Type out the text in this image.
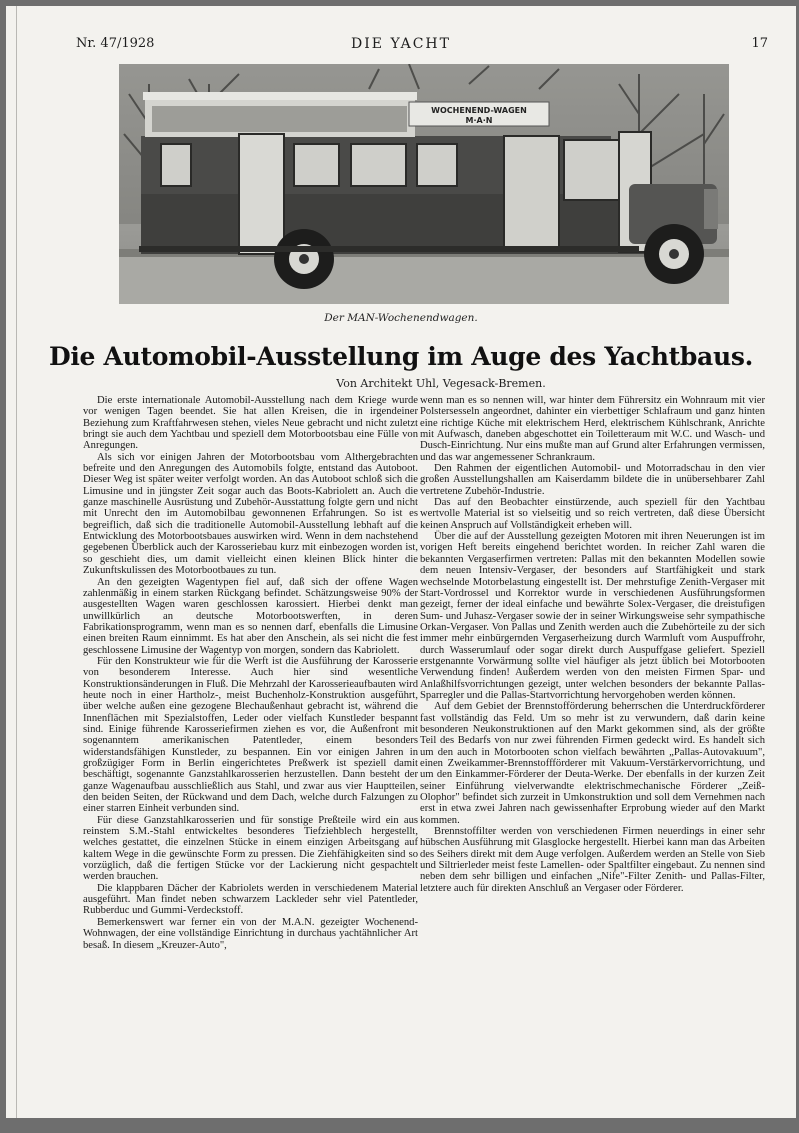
Nr. 47/1928	DIE YACHT	17
WOCHENEND-WAGEN
M·A·N
Der MAN-Wochenendwagen.
Die Automobil-Ausstellung im Auge des Yachtbaus.
Von Architekt Uhl, Vegesack-Bremen.

Die erste internationale Automobil-Ausstellung nach dem Kriege wurde vor wenigen Tagen beendet. Sie hat allen Kreisen, die in irgendeiner Beziehung zum Kraftfahrwesen stehen, vieles Neue gebracht und nicht zuletzt bringt sie auch dem Yachtbau und speziell dem Motorbootsbau eine Fülle von Anregungen.

Als sich vor einigen Jahren der Motorbootsbau vom Althergebrachten befreite und den Anregungen des Automobils folgte, entstand das Autoboot. Dieser Weg ist später weiter verfolgt worden. An das Autoboot schloß sich die Limusine und in jüngster Zeit sogar auch das Boots-Kabriolett an. Auch die ganze maschinelle Ausrüstung und Zubehör-Ausstattung folgte gern und nicht mit Unrecht den im Automobilbau gewonnenen Erfahrungen. So ist es begreiflich, daß sich die traditionelle Automobil-Ausstellung lebhaft auf die Entwicklung des Motorbootsbaues auswirken wird. Wenn in dem nachstehend gegebenen Überblick auch der Karosseriebau kurz mit einbezogen worden ist, so geschieht dies, um damit vielleicht einen kleinen Blick hinter die Zukunftskulissen des Motorbootbaues zu tun.

An den gezeigten Wagentypen fiel auf, daß sich der offene Wagen zahlenmäßig in einem starken Rückgang befindet. Schätzungsweise 90% der ausgestellten Wagen waren geschlossen karossiert. Hierbei denkt man unwillkürlich an deutsche Motorbootswerften, in deren Fabrikationsprogramm, wenn man es so nennen darf, ebenfalls die Limusine einen breiten Raum einnimmt. Es hat aber den Anschein, als sei nicht die fest geschlossene Limusine der Wagentyp von morgen, sondern das Kabriolett.

Für den Konstrukteur wie für die Werft ist die Ausführung der Karosserie von besonderem Interesse. Auch hier sind wesentliche Konstruktionsänderungen in Fluß. Die Mehrzahl der Karosserieaufbauten wird heute noch in einer Hartholz-, meist Buchenholz-Konstruktion ausgeführt, über welche außen eine gezogene Blechaußenhaut gebracht ist, während die Innenflächen mit Spezialstoffen, Leder oder vielfach Kunstleder bespannt sind. Einige führende Karosseriefirmen ziehen es vor, die Außenfront mit sogenanntem amerikanischen Patentleder, einem besonders widerstandsfähigen Kunstleder, zu bespannen. Ein vor einigen Jahren in großzügiger Form in Berlin eingerichtetes Preßwerk ist speziell damit beschäftigt, sogenannte Ganzstahlkarosserien herzustellen. Dann besteht der ganze Wagenaufbau ausschließlich aus Stahl, und zwar aus vier Hauptteilen, den beiden Seiten, der Rückwand und dem Dach, welche durch Falzungen zu einer starren Einheit verbunden sind.

Für diese Ganzstahlkarosserien und für sonstige Preßteile wird ein aus reinstem S.M.-Stahl entwickeltes besonderes Tiefziehblech hergestellt, welches gestattet, die einzelnen Stücke in einem einzigen Arbeitsgang auf kaltem Wege in die gewünschte Form zu pressen. Die Ziehfähigkeiten sind so vorzüglich, daß die fertigen Stücke vor der Lackierung nicht gespachtelt werden brauchen.

Die klappbaren Dächer der Kabriolets werden in verschiedenem Material ausgeführt. Man findet neben schwarzem Lackleder sehr viel Patentleder, Rubberduc und Gummi-Verdeckstoff.

Bemerkenswert war ferner ein von der M.A.N. gezeigter Wochenend-Wohnwagen, der eine vollständige Einrichtung in durchaus yachtähnlicher Art besaß. In diesem „Kreuzer-Auto",

wenn man es so nennen will, war hinter dem Führersitz ein Wohnraum mit vier Polstersesseln angeordnet, dahinter ein vierbettiger Schlafraum und ganz hinten eine richtige Küche mit elektrischem Herd, elektrischem Kühlschrank, Anrichte mit Aufwasch, daneben abgeschottet ein Toiletteraum mit W.C. und Wasch- und Dusch-Einrichtung. Nur eins mußte man auf Grund alter Erfahrungen vermissen, und das war angemessener Schrankraum.

Den Rahmen der eigentlichen Automobil- und Motorradschau in den vier großen Ausstellungshallen am Kaiserdamm bildete die in unübersehbarer Zahl vertretene Zubehör-Industrie.

Das auf den Beobachter einstürzende, auch speziell für den Yachtbau wertvolle Material ist so vielseitig und so reich vertreten, daß diese Übersicht keinen Anspruch auf Vollständigkeit erheben will.

Über die auf der Ausstellung gezeigten Motoren mit ihren Neuerungen ist im vorigen Heft bereits eingehend berichtet worden. In reicher Zahl waren die bekannten Vergaserfirmen vertreten: Pallas mit den bekannten Modellen sowie dem neuen Intensiv-Vergaser, der besonders auf Startfähigkeit und stark wechselnde Motorbelastung eingestellt ist. Der mehrstufige Zenith-Vergaser mit Start-Vordrossel und Korrektor wurde in verschiedenen Ausführungsformen gezeigt, ferner der ideal einfache und bewährte Solex-Vergaser, die dreistufigen Sum- und Juhasz-Vergaser sowie der in seiner Wirkungsweise sehr sympathische Orkan-Vergaser. Von Pallas und Zenith werden auch die Zubehörteile zu der sich immer mehr einbürgernden Vergaserheizung durch Warmluft vom Auspuffrohr, durch Wasserumlauf oder sogar direkt durch Auspuffgase geliefert. Speziell erstgenannte Vorwärmung sollte viel häufiger als jetzt üblich bei Motorbooten Verwendung finden! Außerdem werden von den meisten Firmen Spar- und Anlaßhilfsvorrichtungen gezeigt, unter welchen besonders der bekannte Pallas-Sparregler und die Pallas-Startvorrichtung hervorgehoben werden können.

Auf dem Gebiet der Brennstofförderung beherrschen die Unterdruckförderer fast vollständig das Feld. Um so mehr ist zu verwundern, daß darin keine besonderen Neukonstruktionen auf den Markt gekommen sind, als der größte Teil des Bedarfs von nur zwei führenden Firmen gedeckt wird. Es handelt sich um den auch in Motorbooten schon vielfach bewährten „Pallas-Autovakuum", einen Zweikammer-Brennstoffförderer mit Vakuum-Verstärkervorrichtung, und um den Einkammer-Förderer der Deuta-Werke. Der ebenfalls in der kurzen Zeit seiner Einführung vielverwandte elektrischmechanische Förderer „Zeiß-Olophor" befindet sich zurzeit in Umkonstruktion und soll dem Vernehmen nach erst in etwa zwei Jahren nach gewissenhafter Erprobung wieder auf den Markt kommen.

Brennstoffilter werden von verschiedenen Firmen neuerdings in einer sehr hübschen Ausführung mit Glasglocke hergestellt. Hierbei kann man das Arbeiten des Seihers direkt mit dem Auge verfolgen. Außerdem werden an Stelle von Sieb und Siltrierleder meist feste Lamellen- oder Spaltfilter eingebaut. Zu nennen sind neben dem sehr billigen und einfachen „Nife"-Filter Zenith- und Pallas-Filter, letztere auch für direkten Anschluß an Vergaser oder Förderer.
